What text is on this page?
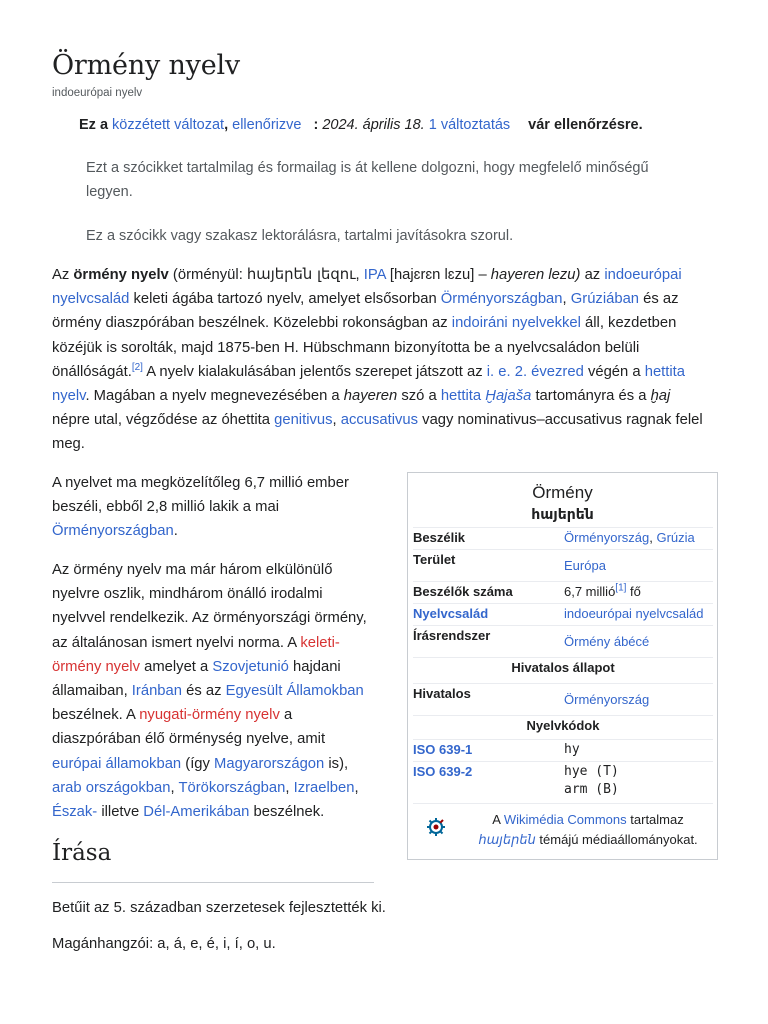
Örmény nyelv
indoeurópai nyelv
Ez a közzétett változat, ellenőrizve : 2024. április 18. 1 változtatás vár ellenőrzésre.
Ezt a szócikket tartalmilag és formailag is át kellene dolgozni, hogy megfelelő minőségű legyen.
Ez a szócikk vagy szakasz lektorálásra, tartalmi javításokra szorul.

Az örmény nyelv (örményül: հայերեն լեզու, IPA [hajɛrɛn lɛzu] – hayeren lezu) az indoeurópai nyelvcsalád keleti ágába tartozó nyelv, amelyet elsősorban Örményországban, Grúziában és az örmény diaszpórában beszélnek. Közelebbi rokonságban az indoiráni nyelvekkel áll, kezdetben közéjük is sorolták, majd 1875-ben H. Hübschmann bizonyította be a nyelvcsaládon belüli önállóságát.[2] A nyelv kialakulásában jelentős szerepet játszott az i. e. 2. évezred végén a hettita nyelv. Magában a nyelv megnevezésében a hayeren szó a hettita Ḫajaša tartományra és a ḫaj népre utal, végződése az óhettita genitivus, accusativus vagy nominativus–accusativus ragnak felel meg.

A nyelvet ma megközelítőleg 6,7 millió ember beszéli, ebből 2,8 millió lakik a mai Örményországban.

Az örmény nyelv ma már három elkülönülő nyelvre oszlik, mindhárom önálló irodalmi nyelvvel rendelkezik. Az örményországi örmény, az általánosan ismert nyelvi norma. A keleti-örmény nyelv amelyet a Szovjetunió hajdani államaiban, Iránban és az Egyesült Államokban beszélnek. A nyugati-örmény nyelv a diaszpórában élő örménység nyelve, amit európai államokban (így Magyarországon is), arab országokban, Törökországban, Izraelben, Észak- illetve Dél-Amerikában beszélnek.

Írása

Betűit az 5. században szerzetesek fejlesztették ki.

Magánhangzói: a, á, e, é, i, í, o, u.

Örmény
հայերեն
Beszélik	Örményország, Grúzia
Terület	Európa
Beszélők száma	6,7 millió[1] fő
Nyelvcsalád	indoeurópai nyelvcsalád
Írásrendszer	Örmény ábécé
Hivatalos állapot
Hivatalos	Örményország
Nyelvkódok
ISO 639-1	hy
ISO 639-2	hye (T)
arm (B)
A Wikimédia Commons tartalmaz
հայերեն témájú médiaállományokat.
